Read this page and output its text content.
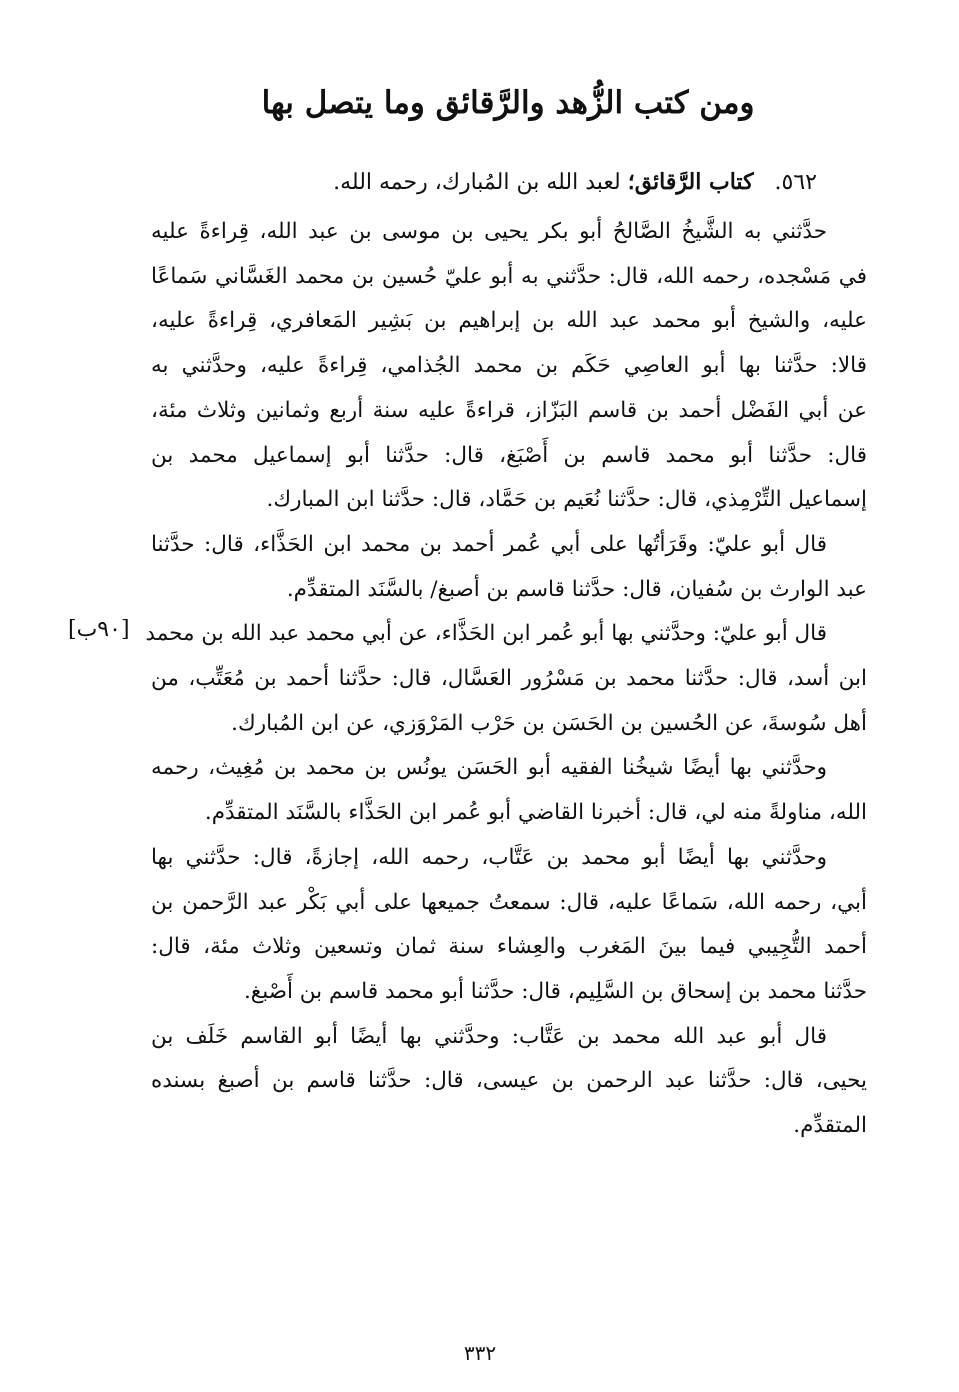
ومن كتب الزُّهد والرَّقائق وما يتصل بها
٥٦٢. كتاب الرَّقائق؛ لعبد الله بن المُبارك، رحمه الله.

حدَّثني به الشَّيخُ الصَّالحُ أبو بكر يحيى بن موسى بن عبد الله، قِراءةً عليه
في مَسْجده، رحمه الله، قال: حدَّثني به أبو عليّ حُسين بن محمد الغَسَّاني سَماعًا
عليه، والشيخ أبو محمد عبد الله بن إبراهيم بن بَشِير المَعافري، قِراءةً عليه،
قالا: حدَّثنا بها أبو العاصِي حَكَم بن محمد الجُذامي، قِراءةً عليه، وحدَّثني به
عن أبي الفَضْل أحمد بن قاسم البَزّاز، قراءةً عليه سنة أربع وثمانين وثلاث مئة،
قال: حدَّثنا أبو محمد قاسم بن أَصْبَغ، قال: حدَّثنا أبو إسماعيل محمد بن
إسماعيل التِّرْمِذي، قال: حدَّثنا نُعَيم بن حَمَّاد، قال: حدَّثنا ابن المبارك.

قال أبو عليّ: وقَرَأتُها على أبي عُمر أحمد بن محمد ابن الحَذَّاء، قال: حدَّثنا
عبد الوارث بن سُفيان، قال: حدَّثنا قاسم بن أصبغ/ بالسَّنَد المتقدِّم.

قال أبو عليّ: وحدَّثني بها أبو عُمر ابن الحَذَّاء، عن أبي محمد عبد الله بن محمد
ابن أسد، قال: حدَّثنا محمد بن مَسْرُور العَسَّال، قال: حدَّثنا أحمد بن مُعَتِّب، من
أهل سُوسةَ، عن الحُسين بن الحَسَن بن حَرْب المَرْوَزي، عن ابن المُبارك.

وحدَّثني بها أيضًا شيخُنا الفقيه أبو الحَسَن يونُس بن محمد بن مُغِيث، رحمه
الله، مناولةً منه لي، قال: أخبرنا القاضي أبو عُمر ابن الحَذَّاء بالسَّنَد المتقدِّم.

وحدَّثني بها أيضًا أبو محمد بن عَتَّاب، رحمه الله، إجازةً، قال: حدَّثني بها
أبي، رحمه الله، سَماعًا عليه، قال: سمعتُ جميعها على أبي بَكْر عبد الرَّحمن بن
أحمد التُّجِيبي فيما بينَ المَغرب والعِشاء سنة ثمان وتسعين وثلاث مئة، قال:
حدَّثنا محمد بن إسحاق بن السَّلِيم، قال: حدَّثنا أبو محمد قاسم بن أَصْبغ.

قال أبو عبد الله محمد بن عَتَّاب: وحدَّثني بها أيضًا أبو القاسم خَلَف بن
يحيى، قال: حدَّثنا عبد الرحمن بن عيسى، قال: حدَّثنا قاسم بن أصبغ بسنده
المتقدِّم.

[٩٠ب]
٣٣٢
